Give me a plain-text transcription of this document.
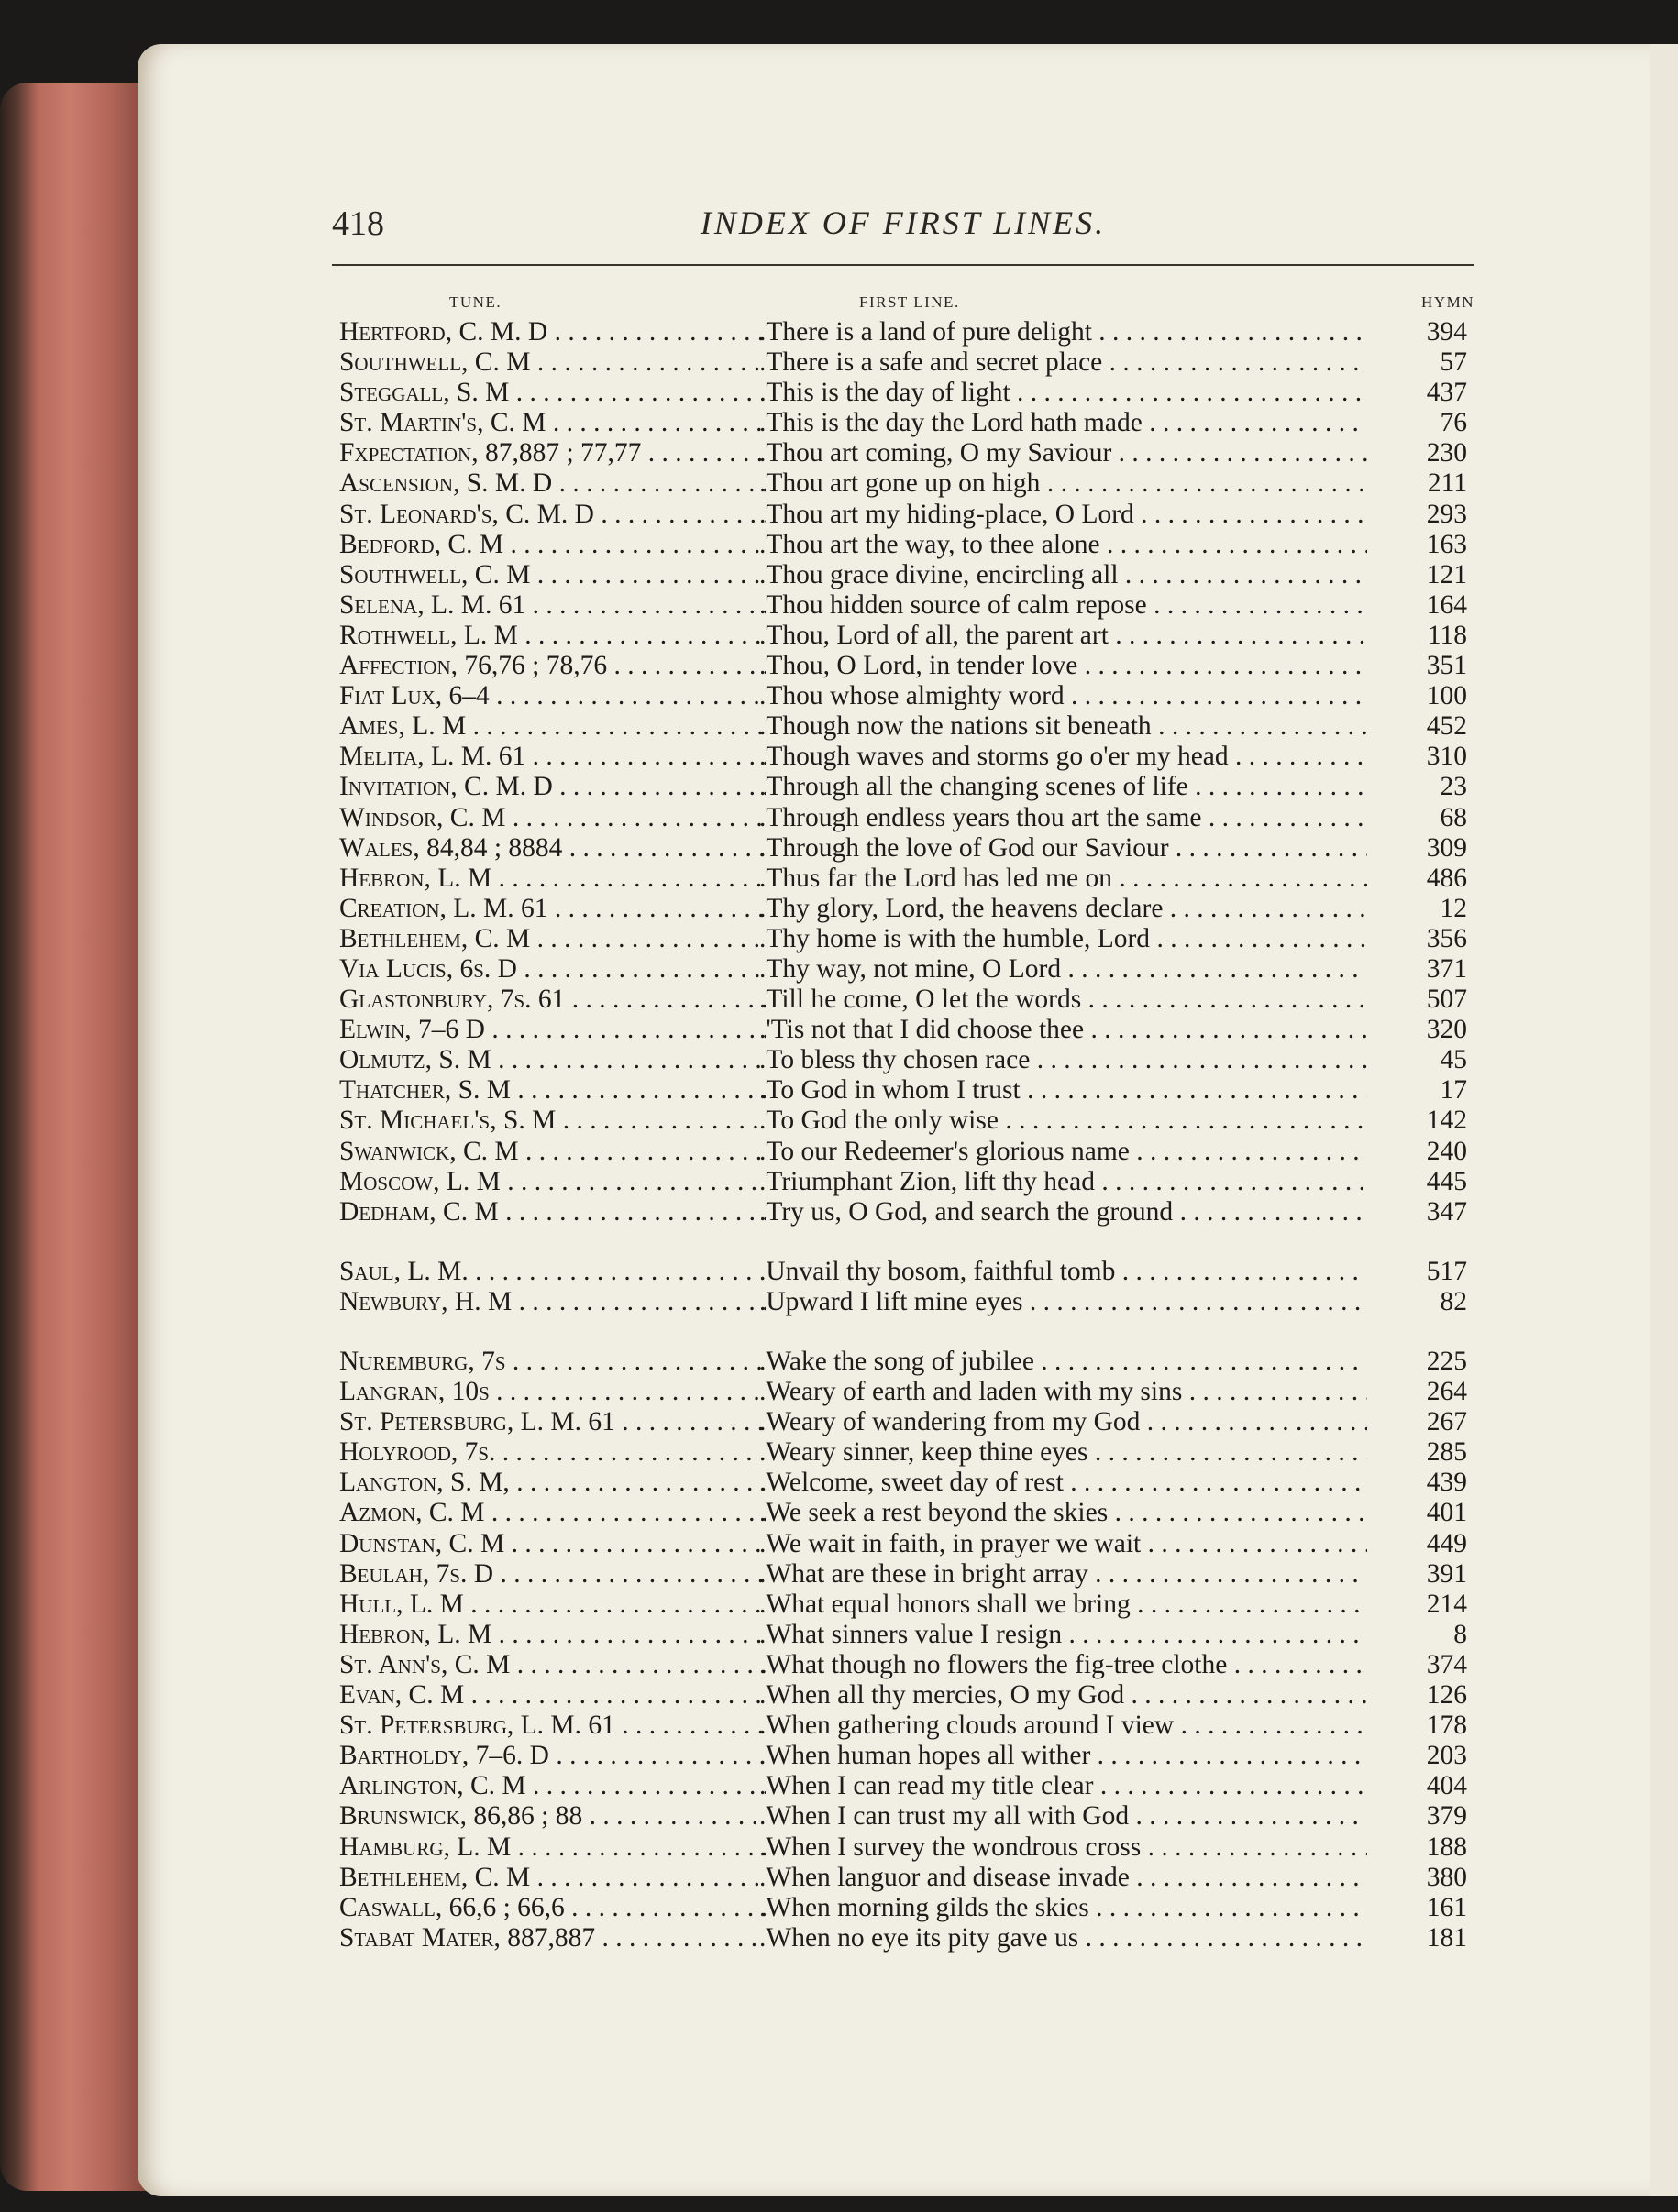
418	INDEX OF FIRST LINES.
TUNE.	FIRST LINE.	HYMN
Hertford, C. M. D . . .	. There is a land of pure delight . . .	394
Southwell, C. M . . .	. There is a safe and secret place . . .	57
Steggall, S. M . . .	. This is the day of light . . .	437
St. Martin's, C. M . . .	. This is the day the Lord hath made . . .	76
Fxpectation, 87,887 ; 77,77 . . .	. Thou art coming, O my Saviour . . .	230
Ascension, S. M. D . . .	. Thou art gone up on high . . .	211
St. Leonard's, C. M. D . . .	. Thou art my hiding-place, O Lord . . .	293
Bedford, C. M . . .	. Thou art the way, to thee alone . . .	163
Southwell, C. M . . .	. Thou grace divine, encircling all . . .	121
Selena, L. M. 61 . . .	. Thou hidden source of calm repose . . .	164
Rothwell, L. M . . .	. Thou, Lord of all, the parent art . . .	118
Affection, 76,76 ; 78,76 . . .	. Thou, O Lord, in tender love . . .	351
Fiat Lux, 6–4 . . .	. Thou whose almighty word . . .	100
Ames, L. M . . .	. Though now the nations sit beneath . . .	452
Melita, L. M. 61 . . .	. Though waves and storms go o'er my head . . .	310
Invitation, C. M. D . . .	. Through all the changing scenes of life . . .	23
Windsor, C. M . . .	. Through endless years thou art the same . . .	68
Wales, 84,84 ; 8884 . . .	. Through the love of God our Saviour . . .	309
Hebron, L. M . . .	. Thus far the Lord has led me on . . .	486
Creation, L. M. 61 . . .	. Thy glory, Lord, the heavens declare . . .	12
Bethlehem, C. M . . .	. Thy home is with the humble, Lord . . .	356
Via Lucis, 6s. D . . .	. Thy way, not mine, O Lord . . .	371
Glastonbury, 7s. 61 . . .	. Till he come, O let the words . . .	507
Elwin, 7–6 D . . .	. 'Tis not that I did choose thee . . .	320
Olmutz, S. M . . .	. To bless thy chosen race . . .	45
Thatcher, S. M . . .	. To God in whom I trust . . .	17
St. Michael's, S. M . . .	. To God the only wise . . .	142
Swanwick, C. M . . .	. To our Redeemer's glorious name . . .	240
Moscow, L. M . . .	. Triumphant Zion, lift thy head . . .	445
Dedham, C. M . . .	. Try us, O God, and search the ground . . .	347
Saul, L. M. . . .	. Unvail thy bosom, faithful tomb . . .	517
Newbury, H. M . . .	. Upward I lift mine eyes . . .	82
Nuremburg, 7s . . .	. Wake the song of jubilee . . .	225
Langran, 10s . . .	. Weary of earth and laden with my sins . . .	264
St. Petersburg, L. M. 61 . . .	. Weary of wandering from my God . . .	267
Holyrood, 7s. . . .	. Weary sinner, keep thine eyes . . .	285
Langton, S. M, . . .	. Welcome, sweet day of rest . . .	439
Azmon, C. M . . .	. We seek a rest beyond the skies . . .	401
Dunstan, C. M . . .	. We wait in faith, in prayer we wait . . .	449
Beulah, 7s. D . . .	. What are these in bright array . . .	391
Hull, L. M . . .	. What equal honors shall we bring . . .	214
Hebron, L. M . . .	. What sinners value I resign . . .	8
St. Ann's, C. M . . .	. What though no flowers the fig-tree clothe . . .	374
Evan, C. M . . .	. When all thy mercies, O my God . . .	126
St. Petersburg, L. M. 61 . . .	. When gathering clouds around I view . . .	178
Bartholdy, 7–6. D . . .	. When human hopes all wither . . .	203
Arlington, C. M . . .	. When I can read my title clear . . .	404
Brunswick, 86,86 ; 88 . . .	. When I can trust my all with God . . .	379
Hamburg, L. M . . .	. When I survey the wondrous cross . . .	188
Bethlehem, C. M . . .	. When languor and disease invade . . .	380
Caswall, 66,6 ; 66,6 . . .	. When morning gilds the skies . . .	161
Stabat Mater, 887,887 . . .	. When no eye its pity gave us . . .	181
